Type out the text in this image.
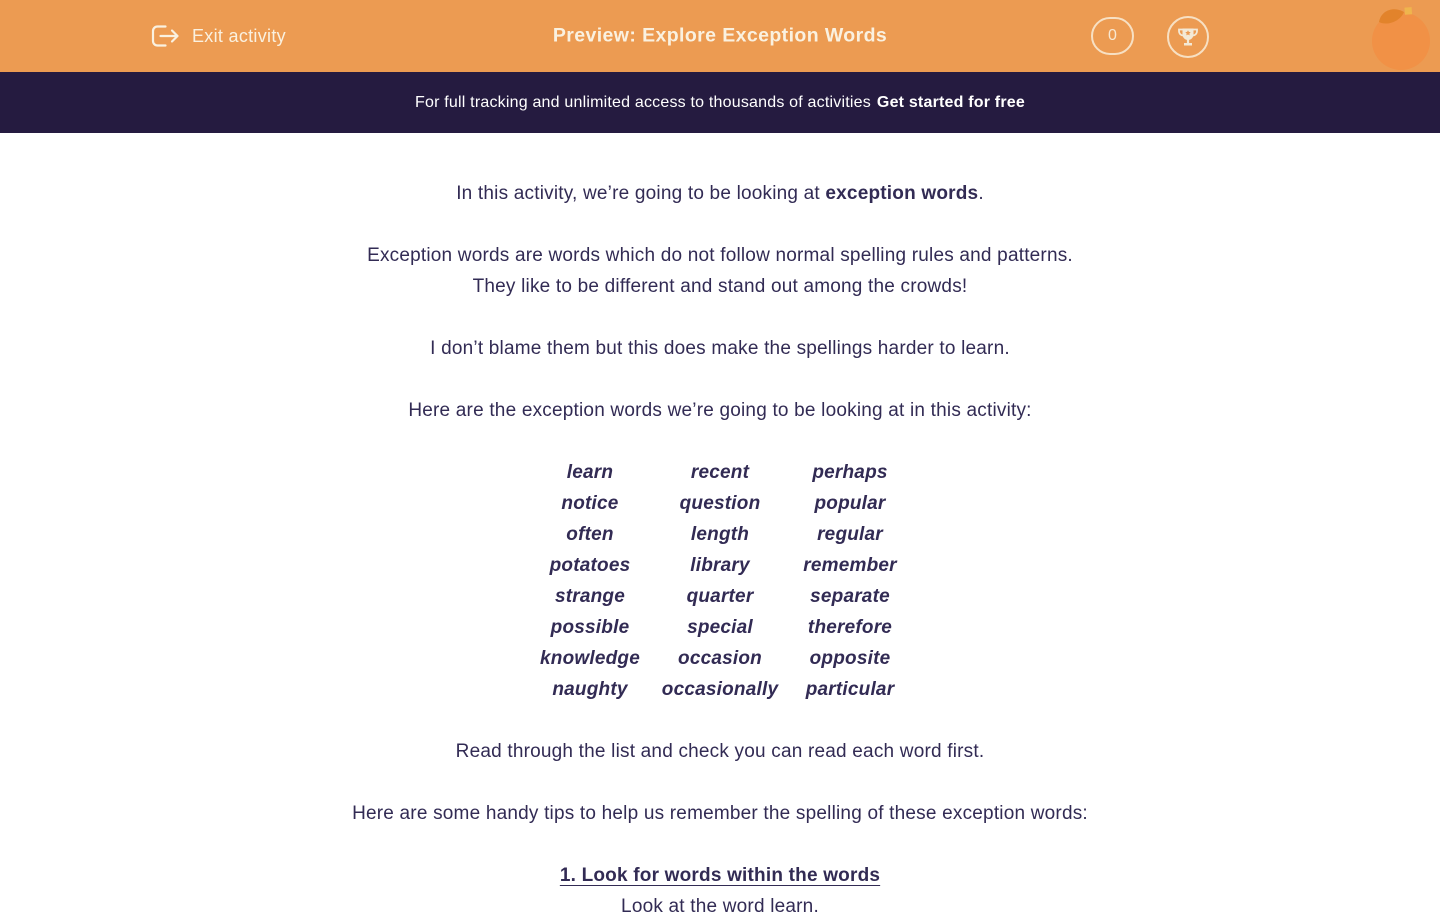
Exit activity	Preview: Explore Exception Words	0
For full tracking and unlimited access to thousands of activities Get started for free

In this activity, we’re going to be looking at exception words.

Exception words are words which do not follow normal spelling rules and patterns.
They like to be different and stand out among the crowds!

I don’t blame them but this does make the spellings harder to learn.

Here are the exception words we’re going to be looking at in this activity:

learn	recent	perhaps
notice	question	popular
often	length	regular
potatoes	library	remember
strange	quarter	separate
possible	special	therefore
knowledge	occasion	opposite
naughty	occasionally	particular

Read through the list and check you can read each word first.

Here are some handy tips to help us remember the spelling of these exception words:

1. Look for words within the words

Look at the word learn.
